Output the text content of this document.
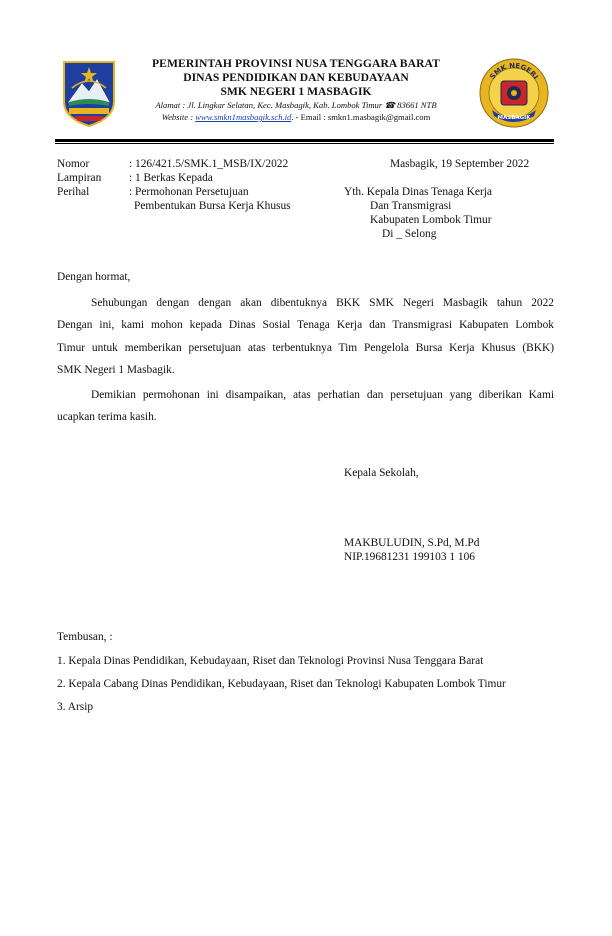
PEMERINTAH PROVINSI NUSA TENGGARA BARAT
DINAS PENDIDIKAN DAN KEBUDAYAAN
SMK NEGERI 1 MASBAGIK
Alamat : Jl. Lingkar Selatan, Kec. Masbagik, Kab. Lombok Timur ☎ 83661 NTB
Website : www.smkn1masbagik.sch.id. - Email : smkn1.masbagik@gmail.com
SMK NEGERI
MASBAGIK
Nomor	: 126/421.5/SMK.1_MSB/IX/2022
Lampiran : 1 Berkas Kepada
Perihal	: Permohonan Persetujuan
Pembentukan Bursa Kerja Khusus
Masbagik, 19 September 2022
Yth. Kepala Dinas Tenaga Kerja
Dan Transmigrasi
Kabupaten Lombok Timur
Di _ Selong
Dengan hormat,

Sehubungan dengan dengan akan dibentuknya BKK SMK Negeri Masbagik tahun 2022

Dengan ini, kami mohon kepada Dinas Sosial Tenaga Kerja dan Transmigrasi Kabupaten Lombok

Timur untuk memberikan persetujuan atas terbentuknya Tim Pengelola Bursa Kerja Khusus (BKK)

SMK Negeri 1 Masbagik.

Demikian permohonan ini disampaikan, atas perhatian dan persetujuan yang diberikan Kami

ucapkan terima kasih.

Kepala Sekolah,
MAKBULUDIN, S.Pd, M.Pd
NIP.19681231 199103 1 106
Tembusan, :
1. Kepala Dinas Pendidikan, Kebudayaan, Riset dan Teknologi Provinsi Nusa Tenggara Barat
2. Kepala Cabang Dinas Pendidikan, Kebudayaan, Riset dan Teknologi Kabupaten Lombok Timur
3. Arsip
